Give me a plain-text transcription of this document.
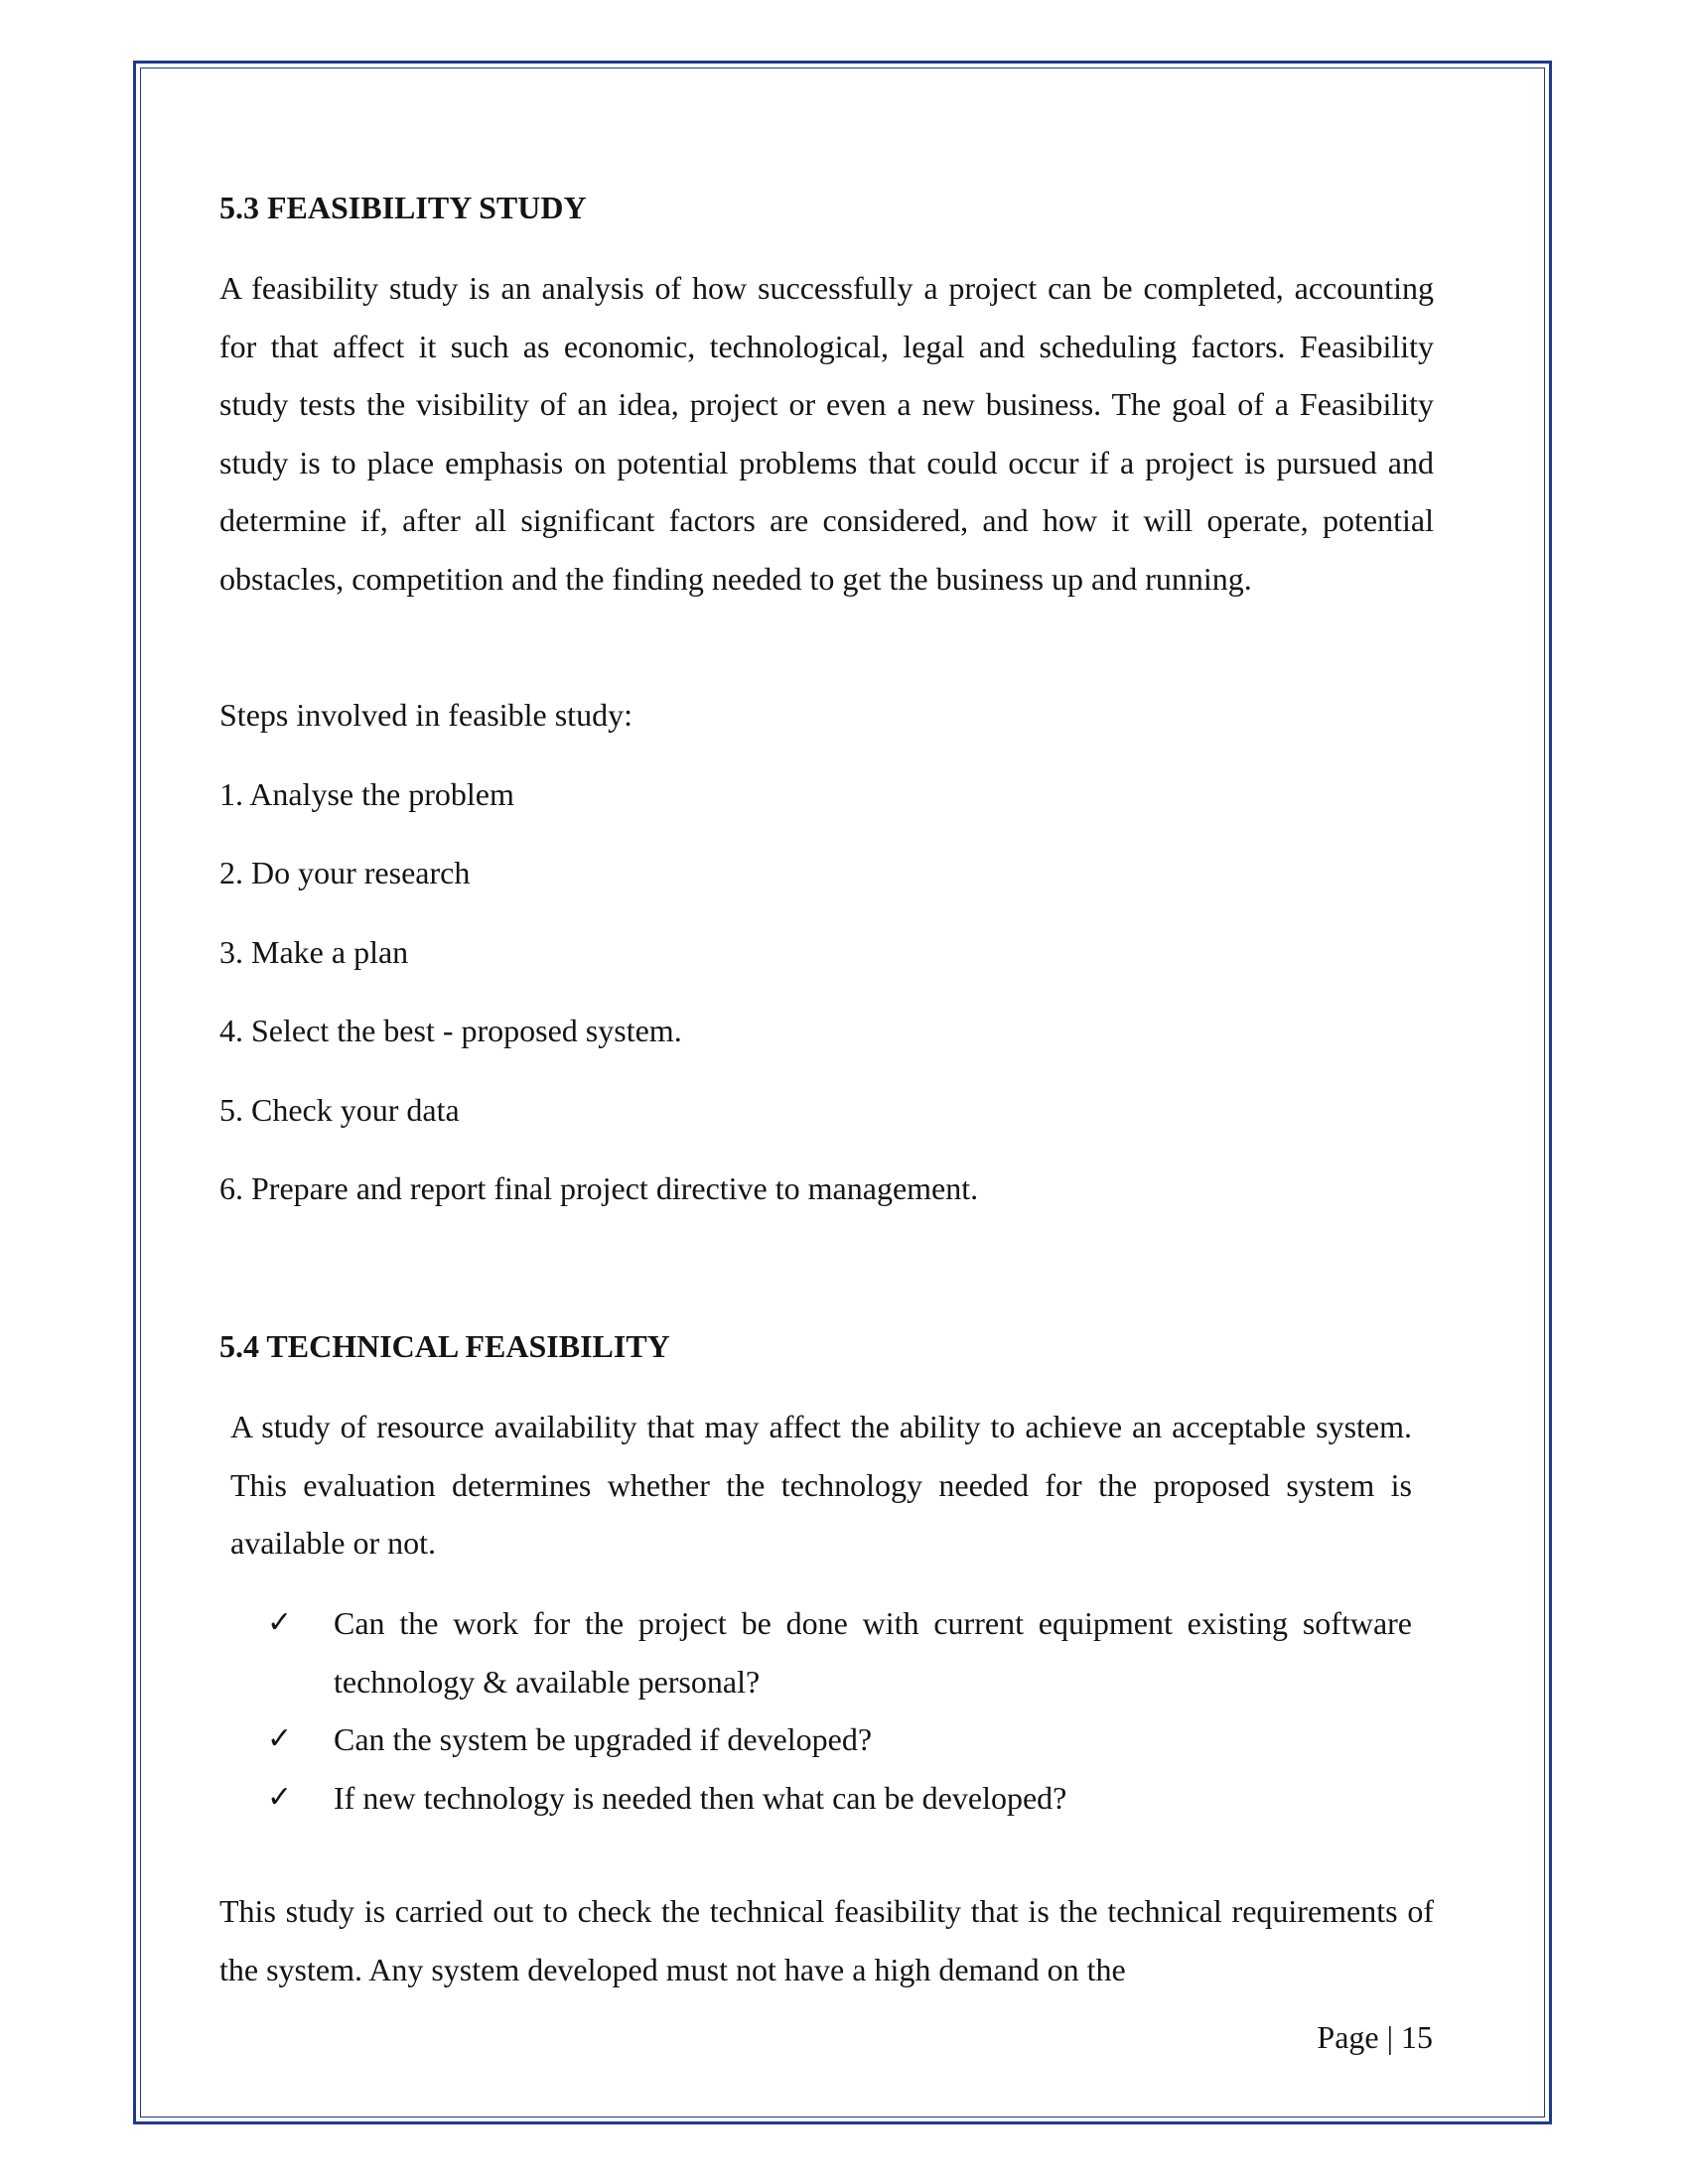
5.3 FEASIBILITY STUDY

A feasibility study is an analysis of how successfully a project can be completed, accounting for that affect it such as economic, technological, legal and scheduling factors. Feasibility study tests the visibility of an idea, project or even a new business. The goal of a Feasibility study is to place emphasis on potential problems that could occur if a project is pursued and determine if, after all significant factors are considered, and how it will operate, potential obstacles, competition and the finding needed to get the business up and running.

Steps involved in feasible study:

1. Analyse the problem

2. Do your research

3. Make a plan

4. Select the best - proposed system.

5. Check your data

6. Prepare and report final project directive to management.

5.4 TECHNICAL FEASIBILITY

A study of resource availability that may affect the ability to achieve an acceptable system. This evaluation determines whether the technology needed for the proposed system is available or not.

✓ Can the work for the project be done with current equipment existing software technology & available personal?
✓ Can the system be upgraded if developed?
✓ If new technology is needed then what can be developed?

This study is carried out to check the technical feasibility that is the technical requirements of the system. Any system developed must not have a high demand on the

Page | 15
